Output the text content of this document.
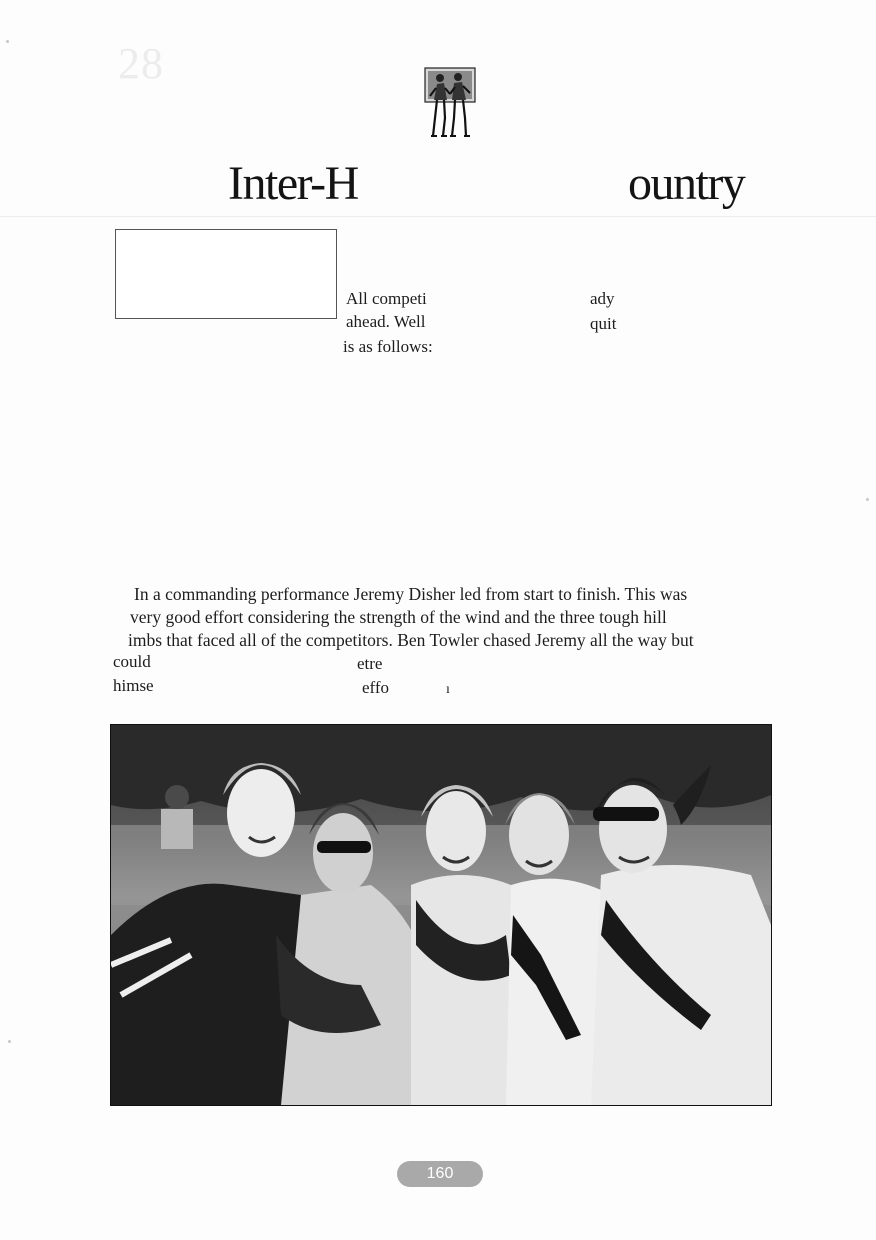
28
Inter-H	ountry
All competi	ady
ahead. Well	quit
is as follows:
In a commanding performance Jeremy Disher led from start to finish. This was
very good effort considering the strength of the wind and the three tough hill
imbs that faced all of the competitors. Ben Towler chased Jeremy all the way but
could	etre
himse	effo	ı
160
